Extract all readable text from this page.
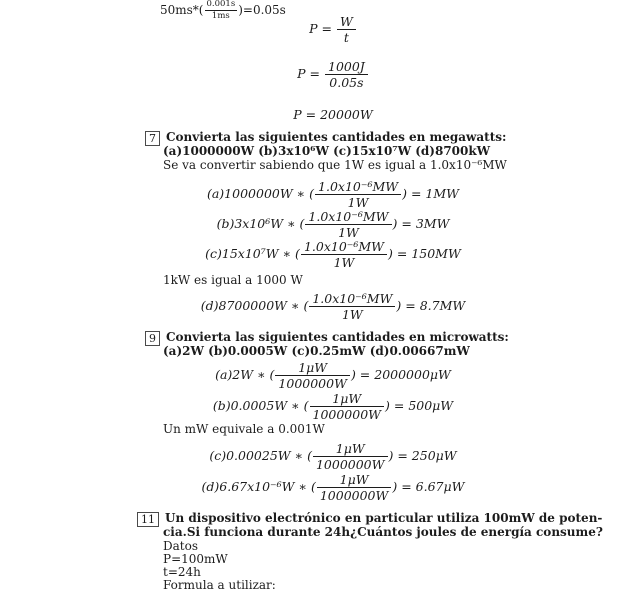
$50ms*( \frac{0.001s}{1ms} )=0.05s$
$P = \frac{W}{t}$
$P = \frac{1000J}{0.05s}$
P = 20000W
7 Convierta las siguientes cantidades en megawatts:
(a)1000000W (b)3x10⁶W (c)15x10⁷W (d)8700kW
Se va convertir sabiendo que 1W es igual a 1.0x10⁻⁶MW
(a)1000000W ∗ ( $\frac{\text{1.0x10⁻⁶MW}}{1W}$ ) = 1MW
(b)3x10⁶W ∗ ( $\frac{\text{1.0x10⁻⁶MW}}{1W}$ ) = 3MW
(c)15x10⁷W ∗ ( $\frac{\text{1.0x10⁻⁶MW}}{1W}$ ) = 150MW
1kW es igual a 1000 W
(d)8700000W ∗ ( $\frac{\text{1.0x10⁻⁶MW}}{1W}$ ) = 8.7MW
9 Convierta las siguientes cantidades en microwatts:
(a)2W (b)0.0005W (c)0.25mW (d)0.00667mW
(a)2W ∗ ( $\frac{1\mu W}{1000000W}$ ) = 2000000μW
(b)0.0005W ∗ ( $\frac{1\mu W}{1000000W}$ ) = 500μW
Un mW equivale a 0.001W
(c)0.00025W ∗ ( $\frac{1\mu W}{1000000W}$ ) = 250μW
(d)6.67x10⁻⁶W ∗ ( $\frac{1\mu W}{1000000W}$ ) = 6.67μW
11 Un dispositivo electrónico en particular utiliza 100mW de poten-
cia.Si funciona durante 24h¿Cuántos joules de energía consume?
Datos
P=100mW
t=24h
Formula a utilizar:
